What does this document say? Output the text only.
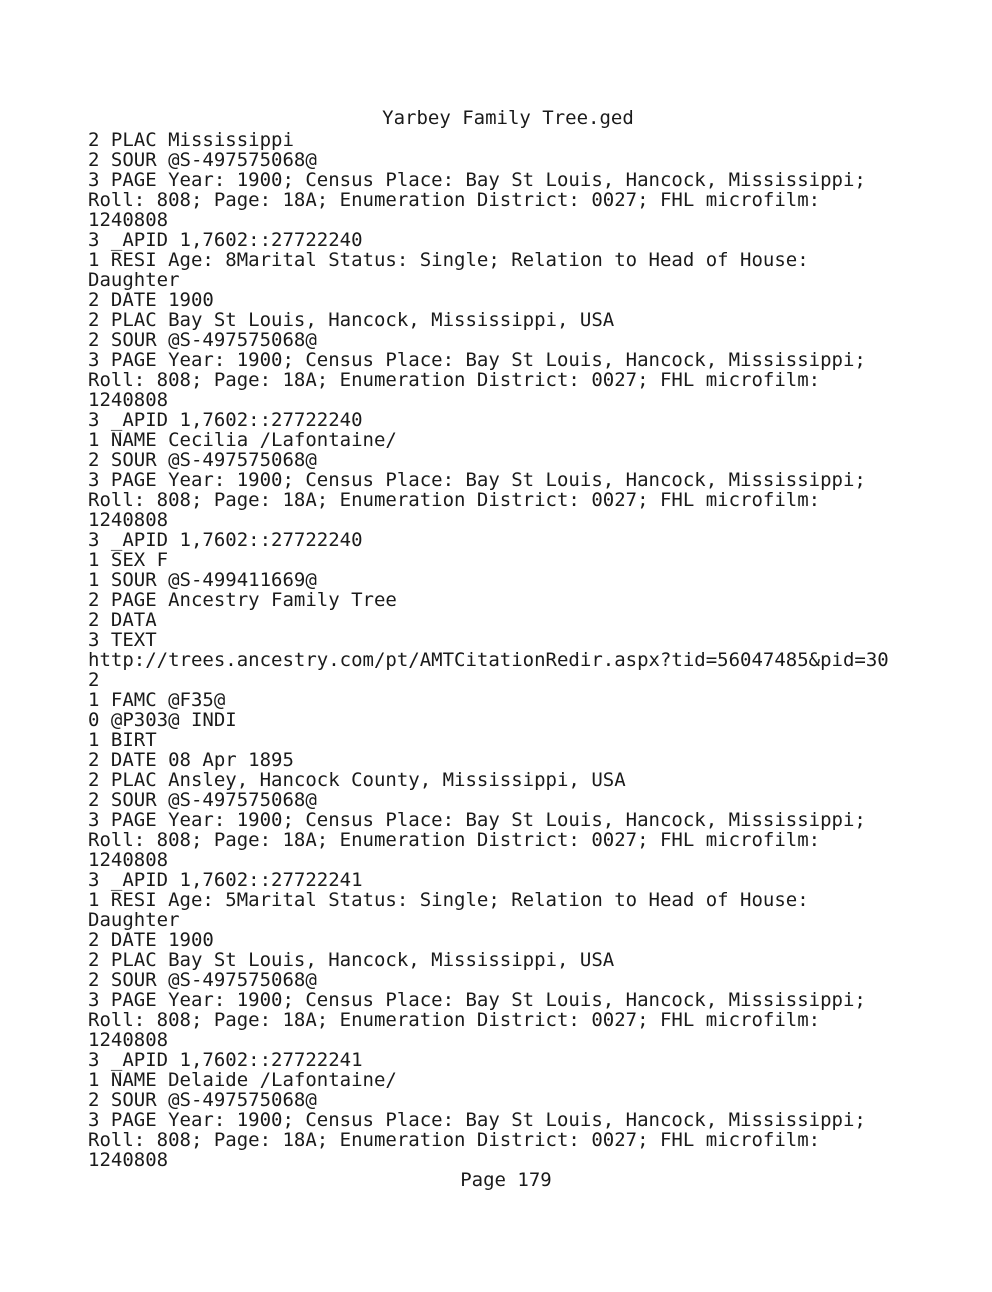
Yarbey Family Tree.ged
2 PLAC Mississippi
2 SOUR @S-497575068@
3 PAGE Year: 1900; Census Place: Bay St Louis, Hancock, Mississippi;
Roll: 808; Page: 18A; Enumeration District: 0027; FHL microfilm:
1240808
3 _APID 1,7602::27722240
1 RESI Age: 8Marital Status: Single; Relation to Head of House:
Daughter
2 DATE 1900
2 PLAC Bay St Louis, Hancock, Mississippi, USA
2 SOUR @S-497575068@
3 PAGE Year: 1900; Census Place: Bay St Louis, Hancock, Mississippi;
Roll: 808; Page: 18A; Enumeration District: 0027; FHL microfilm:
1240808
3 _APID 1,7602::27722240
1 NAME Cecilia /Lafontaine/
2 SOUR @S-497575068@
3 PAGE Year: 1900; Census Place: Bay St Louis, Hancock, Mississippi;
Roll: 808; Page: 18A; Enumeration District: 0027; FHL microfilm:
1240808
3 _APID 1,7602::27722240
1 SEX F
1 SOUR @S-499411669@
2 PAGE Ancestry Family Tree
2 DATA
3 TEXT
http://trees.ancestry.com/pt/AMTCitationRedir.aspx?tid=56047485&pid=30
2
1 FAMC @F35@
0 @P303@ INDI
1 BIRT
2 DATE 08 Apr 1895
2 PLAC Ansley, Hancock County, Mississippi, USA
2 SOUR @S-497575068@
3 PAGE Year: 1900; Census Place: Bay St Louis, Hancock, Mississippi;
Roll: 808; Page: 18A; Enumeration District: 0027; FHL microfilm:
1240808
3 _APID 1,7602::27722241
1 RESI Age: 5Marital Status: Single; Relation to Head of House:
Daughter
2 DATE 1900
2 PLAC Bay St Louis, Hancock, Mississippi, USA
2 SOUR @S-497575068@
3 PAGE Year: 1900; Census Place: Bay St Louis, Hancock, Mississippi;
Roll: 808; Page: 18A; Enumeration District: 0027; FHL microfilm:
1240808
3 _APID 1,7602::27722241
1 NAME Delaide /Lafontaine/
2 SOUR @S-497575068@
3 PAGE Year: 1900; Census Place: Bay St Louis, Hancock, Mississippi;
Roll: 808; Page: 18A; Enumeration District: 0027; FHL microfilm:
1240808
Page 179
